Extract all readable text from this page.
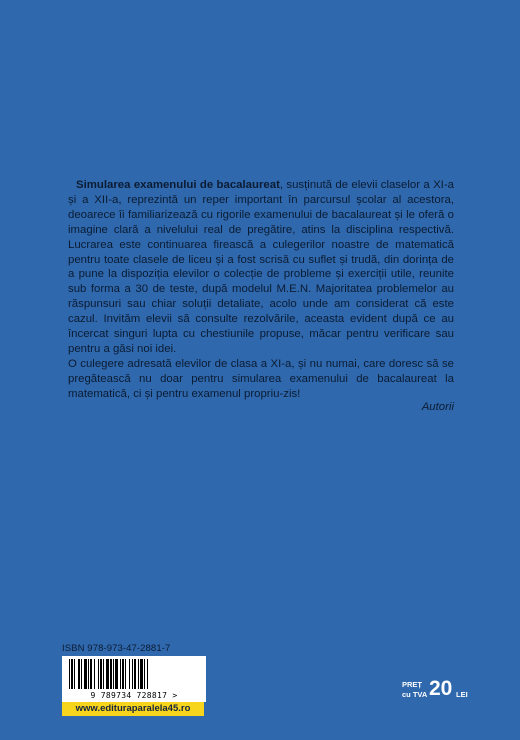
Simularea examenului de bacalaureat, susținută de elevii claselor a XI-a și a XII-a, reprezintă un reper important în parcursul școlar al acestora, deoarece îi familiarizează cu rigorile examenului de bacalaureat și le oferă o imagine clară a nivelului real de pregătire, atins la disciplina respectivă. Lucrarea este continuarea firească a culegerilor noastre de matematică pentru toate clasele de liceu și a fost scrisă cu suflet și trudă, din dorința de a pune la dispoziția elevilor o colecție de probleme și exerciții utile, reunite sub forma a 30 de teste, după modelul M.E.N. Majoritatea problemelor au răspunsuri sau chiar soluții detaliate, acolo unde am considerat că este cazul. Invităm elevii să consulte rezolvările, aceasta evident după ce au încercat singuri lupta cu chestiunile propuse, măcar pentru verificare sau pentru a găsi noi idei.

O culegere adresată elevilor de clasa a XI-a, și nu numai, care doresc să se pregătească nu doar pentru simularea examenului de bacalaureat la matematică, ci și pentru examenul propriu-zis!

Autorii
ISBN 978-973-47-2881-7
9 789734 728817 >
www.edituraparalela45.ro
PREȚ
cu TVA 20 LEI
